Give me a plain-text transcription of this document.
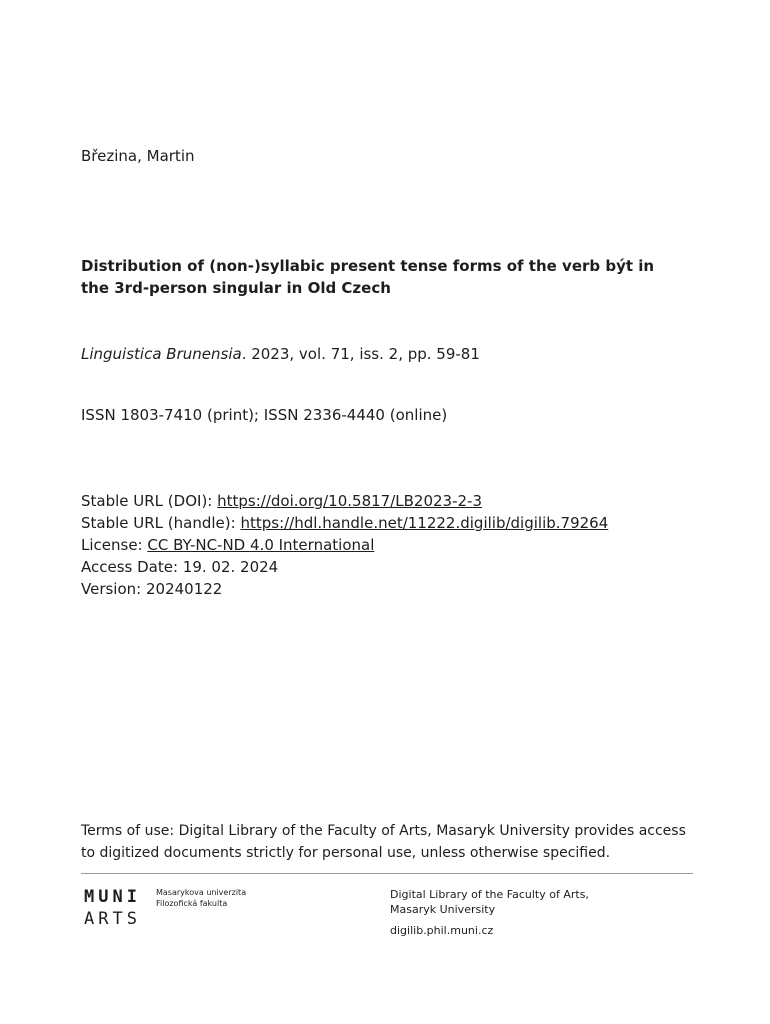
Březina, Martin
Distribution of (non-)syllabic present tense forms of the verb být in the 3rd-person singular in Old Czech
Linguistica Brunensia. 2023, vol. 71, iss. 2, pp. 59-81
ISSN 1803-7410 (print); ISSN 2336-4440 (online)
Stable URL (DOI): https://doi.org/10.5817/LB2023-2-3
Stable URL (handle): https://hdl.handle.net/11222.digilib/digilib.79264
License: CC BY-NC-ND 4.0 International
Access Date: 19. 02. 2024
Version: 20240122
Terms of use: Digital Library of the Faculty of Arts, Masaryk University provides access to digitized documents strictly for personal use, unless otherwise specified.
MUNI
ARTS
Masarykova univerzita
Filozofická fakulta
Digital Library of the Faculty of Arts,
Masaryk University
digilib.phil.muni.cz
